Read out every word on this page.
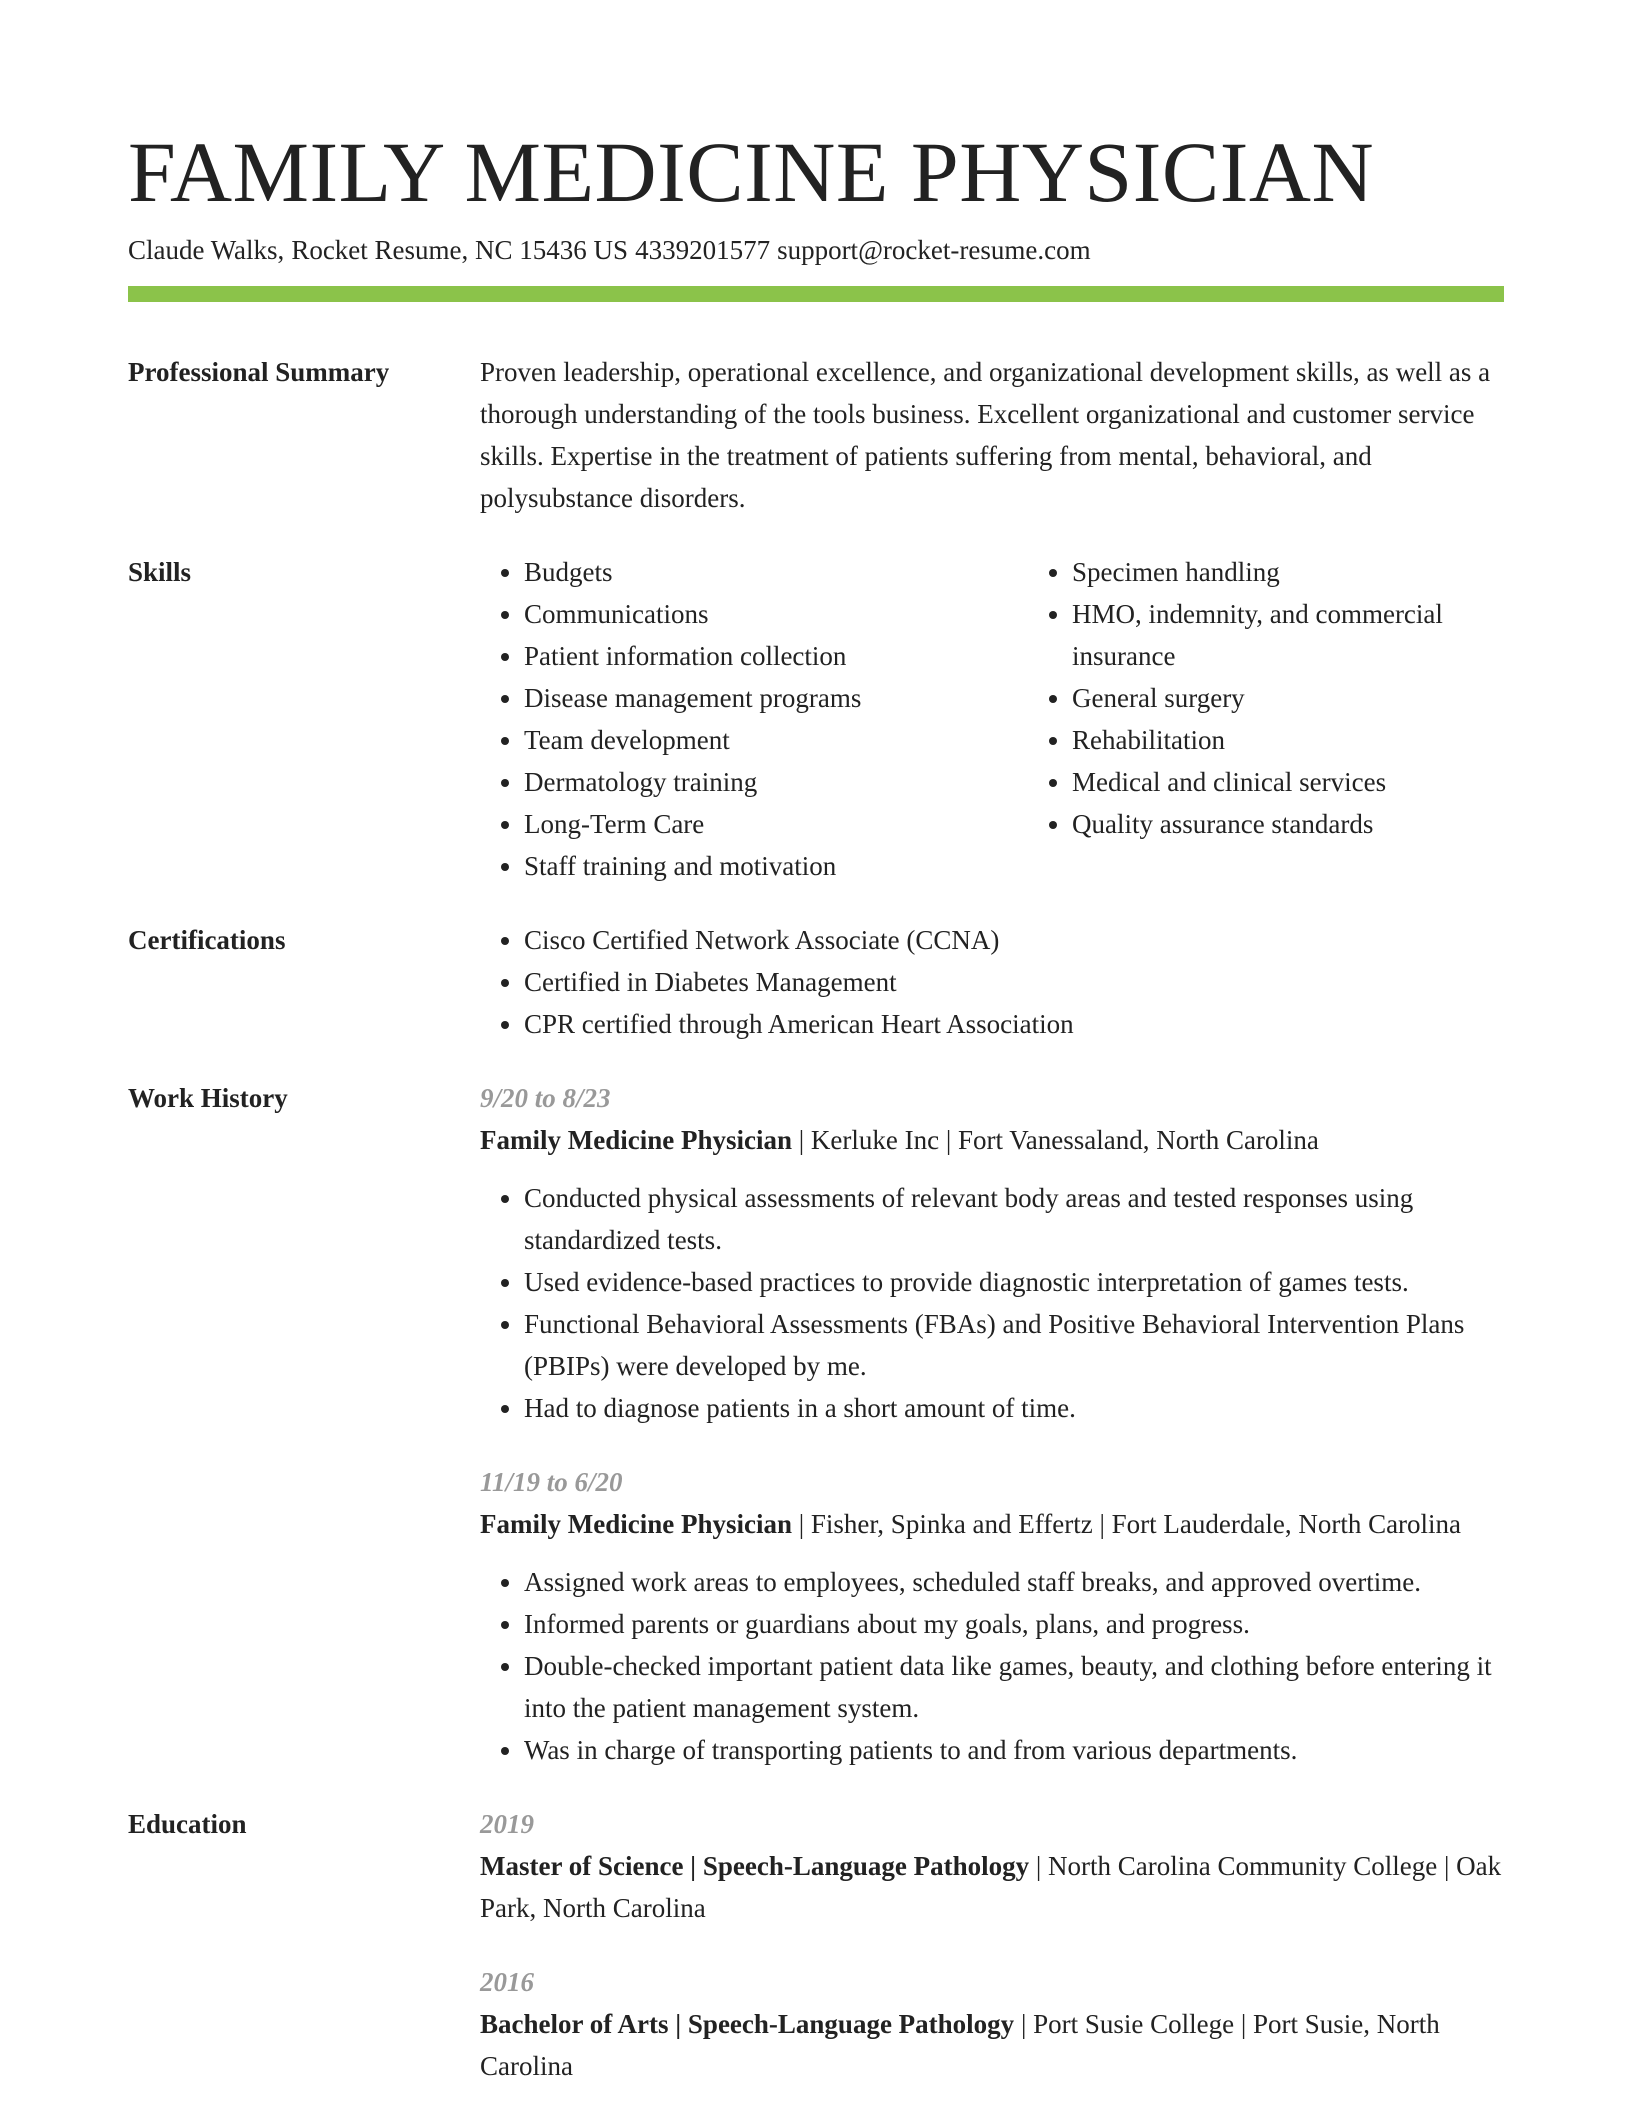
FAMILY MEDICINE PHYSICIAN
Claude Walks, Rocket Resume, NC 15436 US 4339201577 support@rocket-resume.com
Professional Summary	Proven leadership, operational excellence, and organizational development skills, as well as a thorough understanding of the tools business. Excellent organizational and customer service skills. Expertise in the treatment of patients suffering from mental, behavioral, and polysubstance disorders.

Skills	• Budgets
• Communications
• Patient information collection
• Disease management programs
• Team development
• Dermatology training
• Long-Term Care
• Staff training and motivation
• Specimen handling
• HMO, indemnity, and commercial insurance
• General surgery
• Rehabilitation
• Medical and clinical services
• Quality assurance standards
Certifications	• Cisco Certified Network Associate (CCNA)
• Certified in Diabetes Management
• CPR certified through American Heart Association
Work History	9/20 to 8/23
Family Medicine Physician | Kerluke Inc | Fort Vanessaland, North Carolina
• Conducted physical assessments of relevant body areas and tested responses using standardized tests.
• Used evidence-based practices to provide diagnostic interpretation of games tests.
• Functional Behavioral Assessments (FBAs) and Positive Behavioral Intervention Plans (PBIPs) were developed by me.
• Had to diagnose patients in a short amount of time.
11/19 to 6/20
Family Medicine Physician | Fisher, Spinka and Effertz | Fort Lauderdale, North Carolina
• Assigned work areas to employees, scheduled staff breaks, and approved overtime.
• Informed parents or guardians about my goals, plans, and progress.
• Double-checked important patient data like games, beauty, and clothing before entering it into the patient management system.
• Was in charge of transporting patients to and from various departments.
Education	2019
Master of Science | Speech-Language Pathology | North Carolina Community College | Oak Park, North Carolina
2016
Bachelor of Arts | Speech-Language Pathology | Port Susie College | Port Susie, North Carolina
